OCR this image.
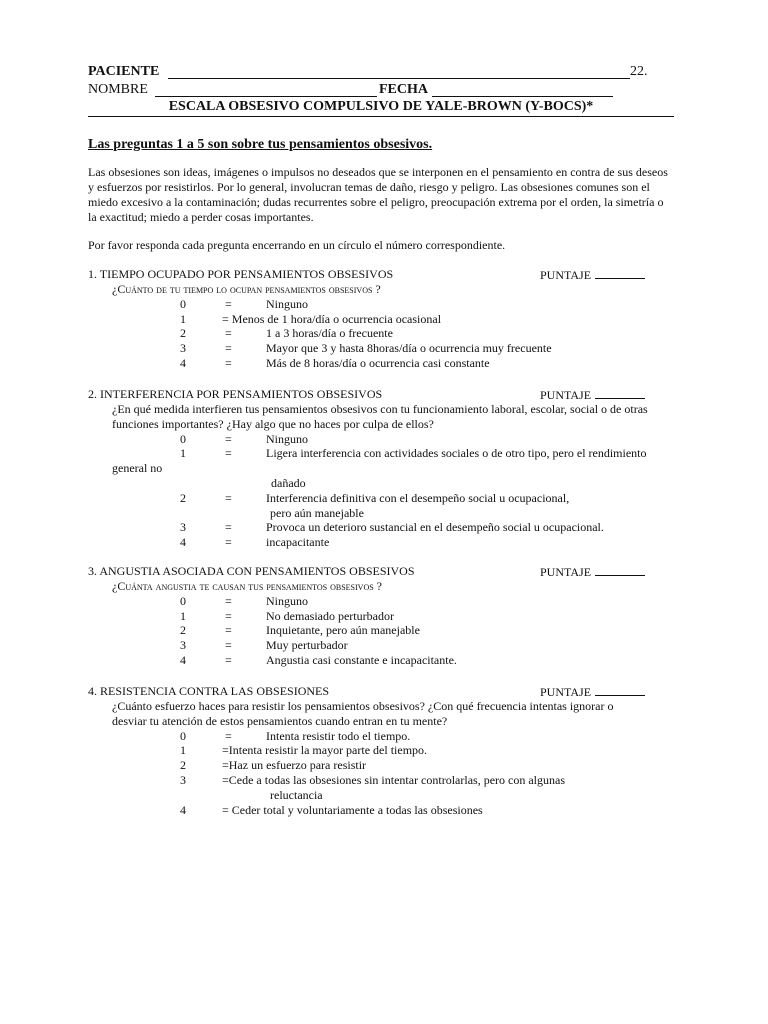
PACIENTE	22.
NOMBRE	FECHA
ESCALA OBSESIVO COMPULSIVO DE YALE-BROWN (Y-BOCS)*
Las preguntas 1 a 5 son sobre tus pensamientos obsesivos.
Las obsesiones son ideas, imágenes o impulsos no deseados que se interponen en el pensamiento en contra de sus deseos y esfuerzos por resistirlos. Por lo general, involucran temas de daño, riesgo y peligro. Las obsesiones comunes son el miedo excesivo a la contaminación; dudas recurrentes sobre el peligro, preocupación extrema por el orden, la simetría o la exactitud; miedo a perder cosas importantes.
Por favor responda cada pregunta encerrando en un círculo el número correspondiente.
1. TIEMPO OCUPADO POR PENSAMIENTOS OBSESIVOS	PUNTAJE
¿Cuánto de tu tiempo lo ocupan pensamientos obsesivos ?
0	=	Ninguno
1	= Menos de 1 hora/día o ocurrencia ocasional
2	=	1 a 3 horas/día o frecuente
3	=	Mayor que 3 y hasta 8horas/día o ocurrencia muy frecuente
4	=	Más de 8 horas/día o ocurrencia casi constante
2. INTERFERENCIA POR PENSAMIENTOS OBSESIVOS	PUNTAJE
¿En qué medida interfieren tus pensamientos obsesivos con tu funcionamiento laboral, escolar, social o de otras
funciones importantes? ¿Hay algo que no haces por culpa de ellos?
0	=	Ninguno
1	=	Ligera interferencia con actividades sociales o de otro tipo, pero el rendimiento
general no
dañado
2	=	Interferencia definitiva con el desempeño social u ocupacional,
pero aún manejable
3	=	Provoca un deterioro sustancial en el desempeño social u ocupacional.
4	=	incapacitante
3. ANGUSTIA ASOCIADA CON PENSAMIENTOS OBSESIVOS	PUNTAJE
¿Cuánta angustia te causan tus pensamientos obsesivos ?
0	=	Ninguno
1	=	No demasiado perturbador
2	=	Inquietante, pero aún manejable
3	=	Muy perturbador
4	=	Angustia casi constante e incapacitante.
4. RESISTENCIA CONTRA LAS OBSESIONES	PUNTAJE
¿Cuánto esfuerzo haces para resistir los pensamientos obsesivos? ¿Con qué frecuencia intentas ignorar o
desviar tu atención de estos pensamientos cuando entran en tu mente?
0	=	Intenta resistir todo el tiempo.
1	=Intenta resistir la mayor parte del tiempo.
2	=Haz un esfuerzo para resistir
3	=Cede a todas las obsesiones sin intentar controlarlas, pero con algunas
reluctancia
4	= Ceder total y voluntariamente a todas las obsesiones
